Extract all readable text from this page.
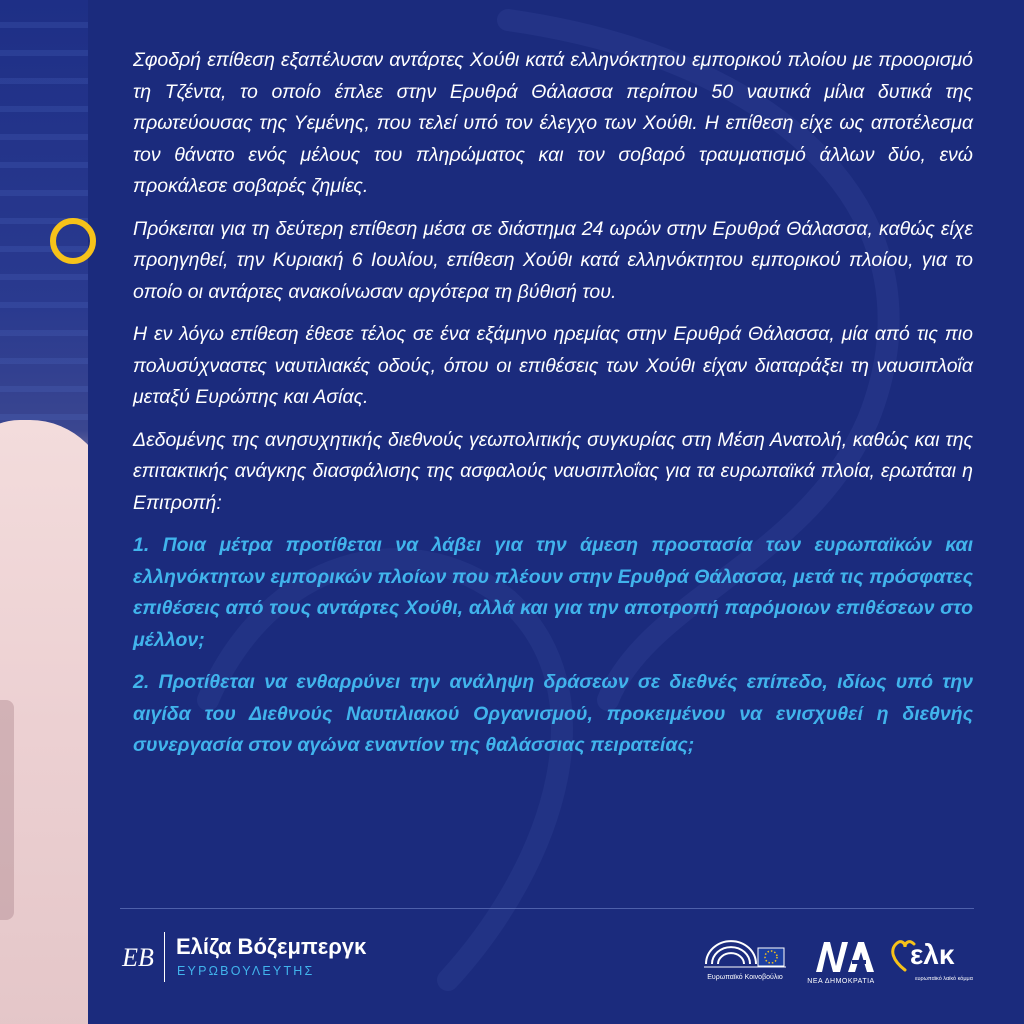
Σφοδρή επίθεση εξαπέλυσαν αντάρτες Χούθι κατά ελληνόκτητου εμπορικού πλοίου με προορισμό τη Τζέντα, το οποίο έπλεε στην Ερυθρά Θάλασσα περίπου 50 ναυτικά μίλια δυτικά της πρωτεύουσας της Υεμένης, που τελεί υπό τον έλεγχο των Χούθι. Η επίθεση είχε ως αποτέλεσμα τον θάνατο ενός μέλους του πληρώματος και τον σοβαρό τραυματισμό άλλων δύο, ενώ προκάλεσε σοβαρές ζημίες.

Πρόκειται για τη δεύτερη επίθεση μέσα σε διάστημα 24 ωρών στην Ερυθρά Θάλασσα, καθώς είχε προηγηθεί, την Κυριακή 6 Ιουλίου, επίθεση Χούθι κατά ελληνόκτητου εμπορικού πλοίου, για το οποίο οι αντάρτες ανακοίνωσαν αργότερα τη βύθισή του.

Η εν λόγω επίθεση έθεσε τέλος σε ένα εξάμηνο ηρεμίας στην Ερυθρά Θάλασσα, μία από τις πιο πολυσύχναστες ναυτιλιακές οδούς, όπου οι επιθέσεις των Χούθι είχαν διαταράξει τη ναυσιπλοΐα μεταξύ Ευρώπης και Ασίας.

Δεδομένης της ανησυχητικής διεθνούς γεωπολιτικής συγκυρίας στη Μέση Ανατολή, καθώς και της επιτακτικής ανάγκης διασφάλισης της ασφαλούς ναυσιπλοΐας για τα ευρωπαϊκά πλοία, ερωτάται η Επιτροπή:

1. Ποια μέτρα προτίθεται να λάβει για την άμεση προστασία των ευρωπαϊκών και ελληνόκτητων εμπορικών πλοίων που πλέουν στην Ερυθρά Θάλασσα, μετά τις πρόσφατες επιθέσεις από τους αντάρτες Χούθι, αλλά και για την αποτροπή παρόμοιων επιθέσεων στο μέλλον;

2. Προτίθεται να ενθαρρύνει την ανάληψη δράσεων σε διεθνές επίπεδο, ιδίως υπό την αιγίδα του Διεθνούς Ναυτιλιακού Οργανισμού, προκειμένου να ενισχυθεί η διεθνής συνεργασία στον αγώνα εναντίον της θαλάσσιας πειρατείας;

EB Ελίζα Βόζεμπεργκ
ΕΥΡΩΒΟΥΛΕΥΤΗΣ	Ευρωπαϊκό Κοινοβούλιο
ΝΕΑ ΔΗΜΟΚΡΑΤΙΑ
ελκ
ευρωπαϊκό λαϊκό κόμμα
